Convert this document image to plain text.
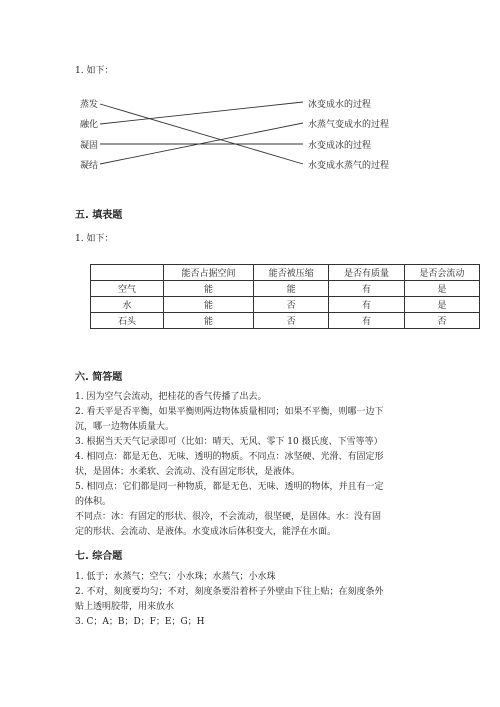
1. 如下：
蒸发
融化
凝固
凝结
冰变成水的过程
水蒸气变成水的过程
水变成冰的过程
水变成水蒸气的过程
五. 填表题
1. 如下：
	能否占据空间	能否被压缩	是否有质量	是否会流动
空气	能	能	有	是
水	能	否	有	是
石头	能	否	有	否
六. 简答题

1. 因为空气会流动，把桂花的香气传播了出去。

2. 看天平是否平衡，如果平衡则两边物体质量相同；如果不平衡，则哪一边下

沉，哪一边物体质量大。

3. 根据当天天气记录即可（比如：晴天、无风、零下 10 摄氏度、下雪等等）

4. 相同点：都是无色、无味、透明的物质。不同点：冰坚硬、光滑、有固定形

状，是固体；水柔软、会流动、没有固定形状，是液体。

5. 相同点：它们都是同一种物质，都是无色、无味、透明的物体，并且有一定

的体积。

不同点：冰：有固定的形状、很冷，不会流动，很坚硬，是固体。水：没有固

定的形状、会流动、是液体。水变成冰后体积变大，能浮在水面。

七. 综合题

1. 低于；水蒸气；空气；小水珠；水蒸气；小水珠

2. 不对，刻度要均匀；不对，刻度条要沿着杯子外壁由下往上贴；在刻度条外

贴上透明胶带，用来放水

3. C；A；B；D；F；E；G；H
